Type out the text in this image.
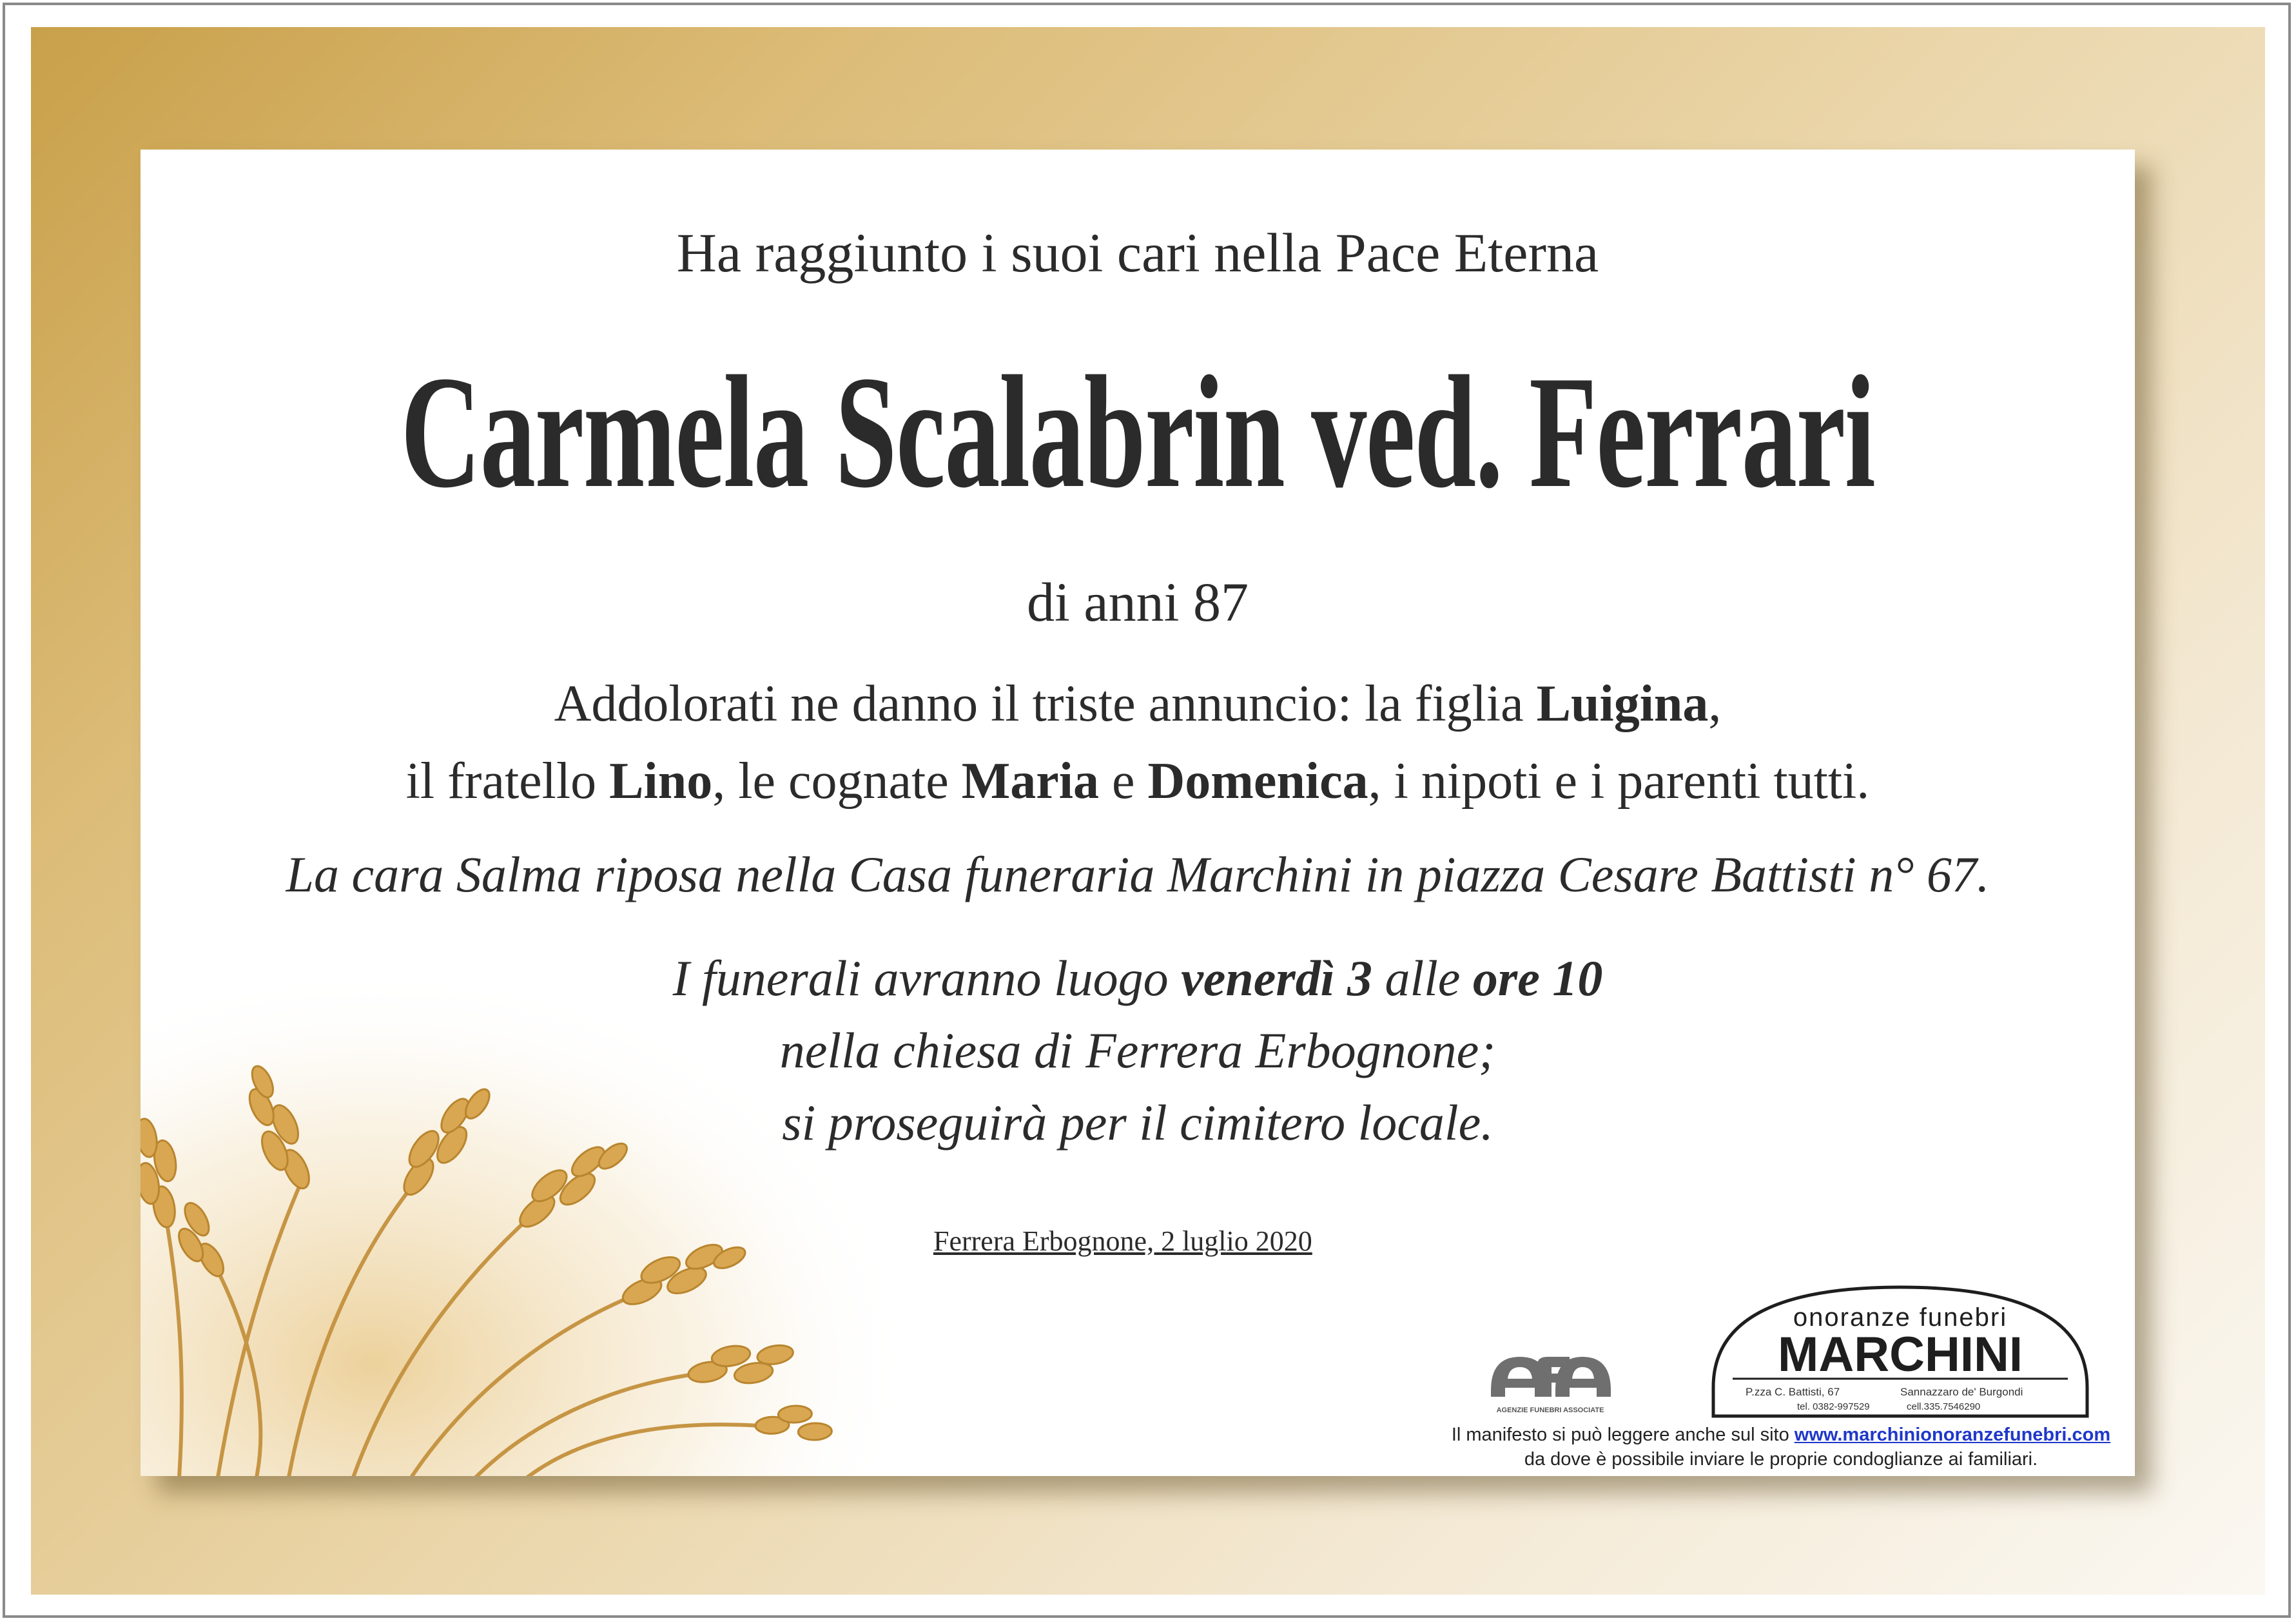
Ha raggiunto i suoi cari nella Pace Eterna
Carmela Scalabrin ved. Ferrari
di anni 87
Addolorati ne danno il triste annuncio: la figlia Luigina,
il fratello Lino, le cognate Maria e Domenica, i nipoti e i parenti tutti.
La cara Salma riposa nella Casa funeraria Marchini in piazza Cesare Battisti n° 67.
I funerali avranno luogo venerdì 3 alle ore 10
nella chiesa di Ferrera Erbognone;
si proseguirà per il cimitero locale.
Ferrera Erbognone, 2 luglio 2020
AGENZIE FUNEBRI ASSOCIATE
onoranze funebri
MARCHINI
P.zza C. Battisti, 67	Sannazzaro de' Burgondi
tel. 0382-997529	cell.335.7546290
Il manifesto si può leggere anche sul sito www.marchinionoranzefunebri.com
da dove è possibile inviare le proprie condoglianze ai familiari.
